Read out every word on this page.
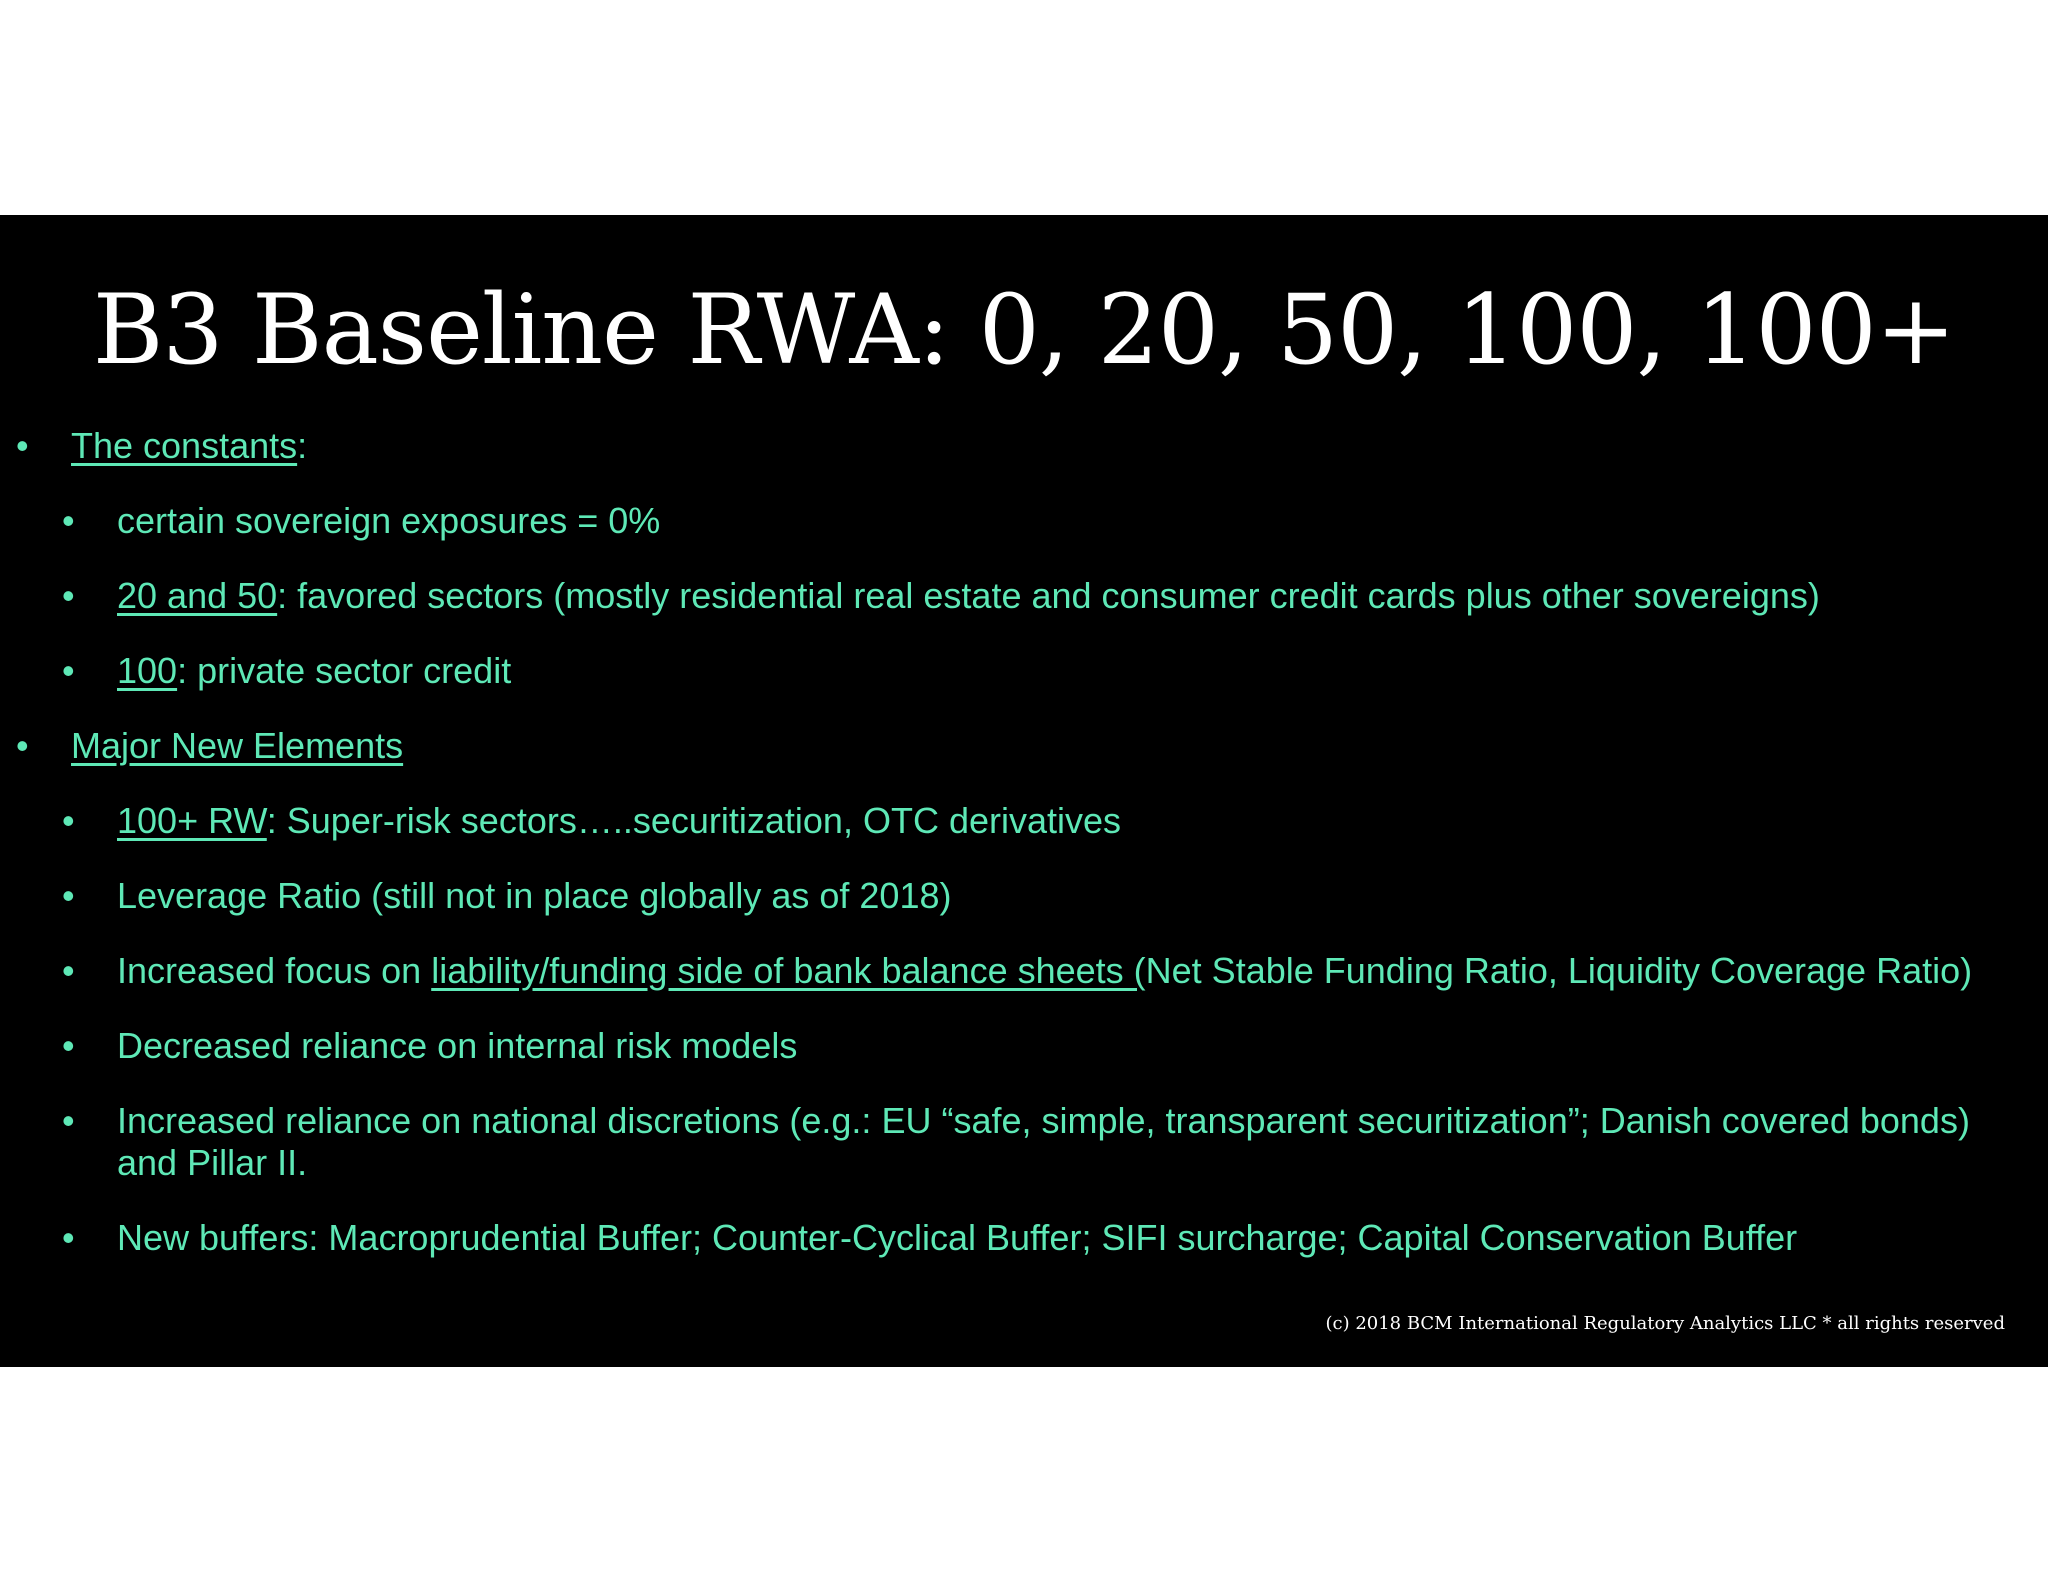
B3 Baseline RWA: 0, 20, 50, 100, 100+
• The constants:
• certain sovereign exposures = 0%
• 20 and 50: favored sectors (mostly residential real estate and consumer credit cards plus other sovereigns)
• 100: private sector credit
• Major New Elements
• 100+ RW: Super-risk sectors…..securitization, OTC derivatives
• Leverage Ratio (still not in place globally as of 2018)
• Increased focus on liability/funding side of bank balance sheets (Net Stable Funding Ratio, Liquidity Coverage Ratio)
• Decreased reliance on internal risk models
• Increased reliance on national discretions (e.g.: EU “safe, simple, transparent securitization”; Danish covered bonds) and Pillar II.
• New buffers: Macroprudential Buffer; Counter-Cyclical Buffer; SIFI surcharge; Capital Conservation Buffer

(c) 2018 BCM International Regulatory Analytics LLC * all rights reserved
